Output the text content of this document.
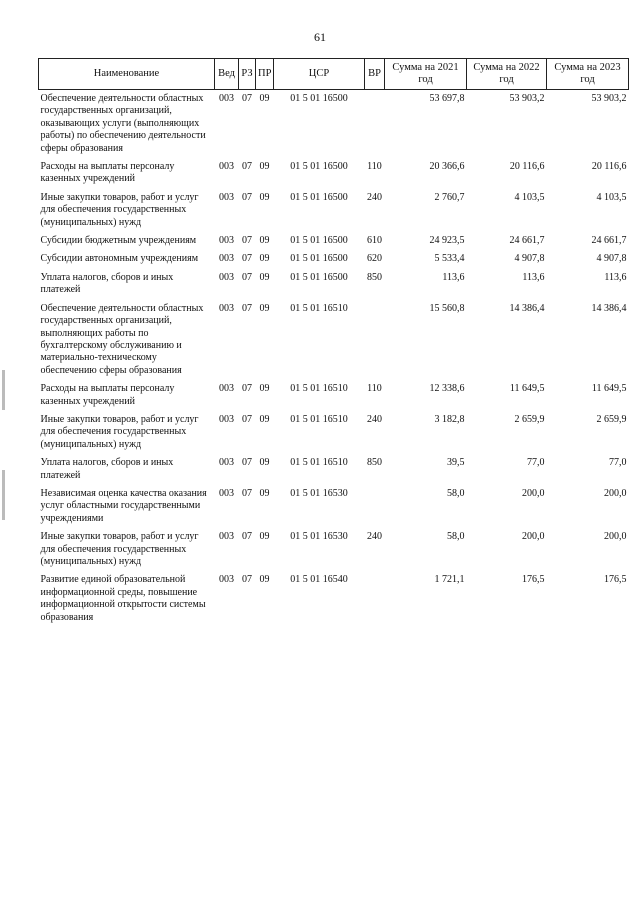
61
Наименование	Вед	РЗ	ПР	ЦСР	ВР	Сумма на 2021 год	Сумма на 2022 год	Сумма на 2023 год
Обеспечение деятельности областных государственных организаций, оказывающих услуги (выполняющих работы) по обеспечению деятельности сферы образования	003	07	09	01 5 01 16500		53 697,8	53 903,2	53 903,2
Расходы на выплаты персоналу казенных учреждений	003	07	09	01 5 01 16500	110	20 366,6	20 116,6	20 116,6
Иные закупки товаров, работ и услуг для обеспечения государственных (муниципальных) нужд	003	07	09	01 5 01 16500	240	2 760,7	4 103,5	4 103,5
Субсидии бюджетным учреждениям	003	07	09	01 5 01 16500	610	24 923,5	24 661,7	24 661,7
Субсидии автономным учреждениям	003	07	09	01 5 01 16500	620	5 533,4	4 907,8	4 907,8
Уплата налогов, сборов и иных платежей	003	07	09	01 5 01 16500	850	113,6	113,6	113,6
Обеспечение деятельности областных государственных организаций, выполняющих работы по бухгалтерскому обслуживанию и материально-техническому обеспечению сферы образования	003	07	09	01 5 01 16510		15 560,8	14 386,4	14 386,4
Расходы на выплаты персоналу казенных учреждений	003	07	09	01 5 01 16510	110	12 338,6	11 649,5	11 649,5
Иные закупки товаров, работ и услуг для обеспечения государственных (муниципальных) нужд	003	07	09	01 5 01 16510	240	3 182,8	2 659,9	2 659,9
Уплата налогов, сборов и иных платежей	003	07	09	01 5 01 16510	850	39,5	77,0	77,0
Независимая оценка качества оказания услуг областными государственными учреждениями	003	07	09	01 5 01 16530		58,0	200,0	200,0
Иные закупки товаров, работ и услуг для обеспечения государственных (муниципальных) нужд	003	07	09	01 5 01 16530	240	58,0	200,0	200,0
Развитие единой образовательной информационной среды, повышение информационной открытости системы образования	003	07	09	01 5 01 16540		1 721,1	176,5	176,5
